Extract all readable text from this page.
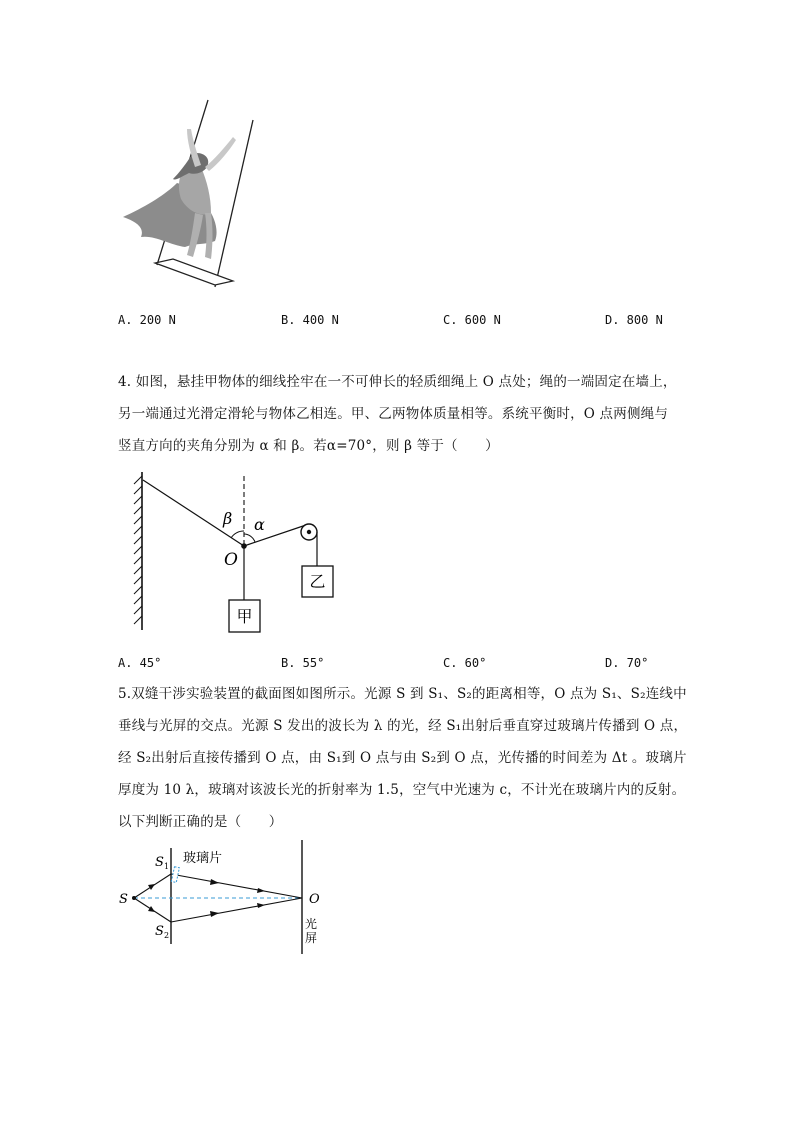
A. 200 N	B. 400 N	C. 600 N	D. 800 N
4. 如图，悬挂甲物体的细线拴牢在一不可伸长的轻质细绳上 O 点处；绳的一端固定在墙上，
另一端通过光滑定滑轮与物体乙相连。甲、乙两物体质量相等。系统平衡时，O 点两侧绳与
竖直方向的夹角分别为 α 和 β。若α=70°，则 β 等于（　　）
甲
乙
β α
O
A. 45°	B. 55°	C. 60°	D. 70°
5.双缝干涉实验装置的截面图如图所示。光源 S 到 S₁、S₂的距离相等，O 点为 S₁、S₂连线中
垂线与光屏的交点。光源 S 发出的波长为 λ 的光，经 S₁出射后垂直穿过玻璃片传播到 O 点，
经 S₂出射后直接传播到 O 点，由 S₁到 O 点与由 S₂到 O 点，光传播的时间差为 Δt 。玻璃片
厚度为 10 λ，玻璃对该波长光的折射率为 1.5，空气中光速为 c，不计光在玻璃片内的反射。
以下判断正确的是（　　）
S
S 1
S 2
玻璃片
O
光
屏
